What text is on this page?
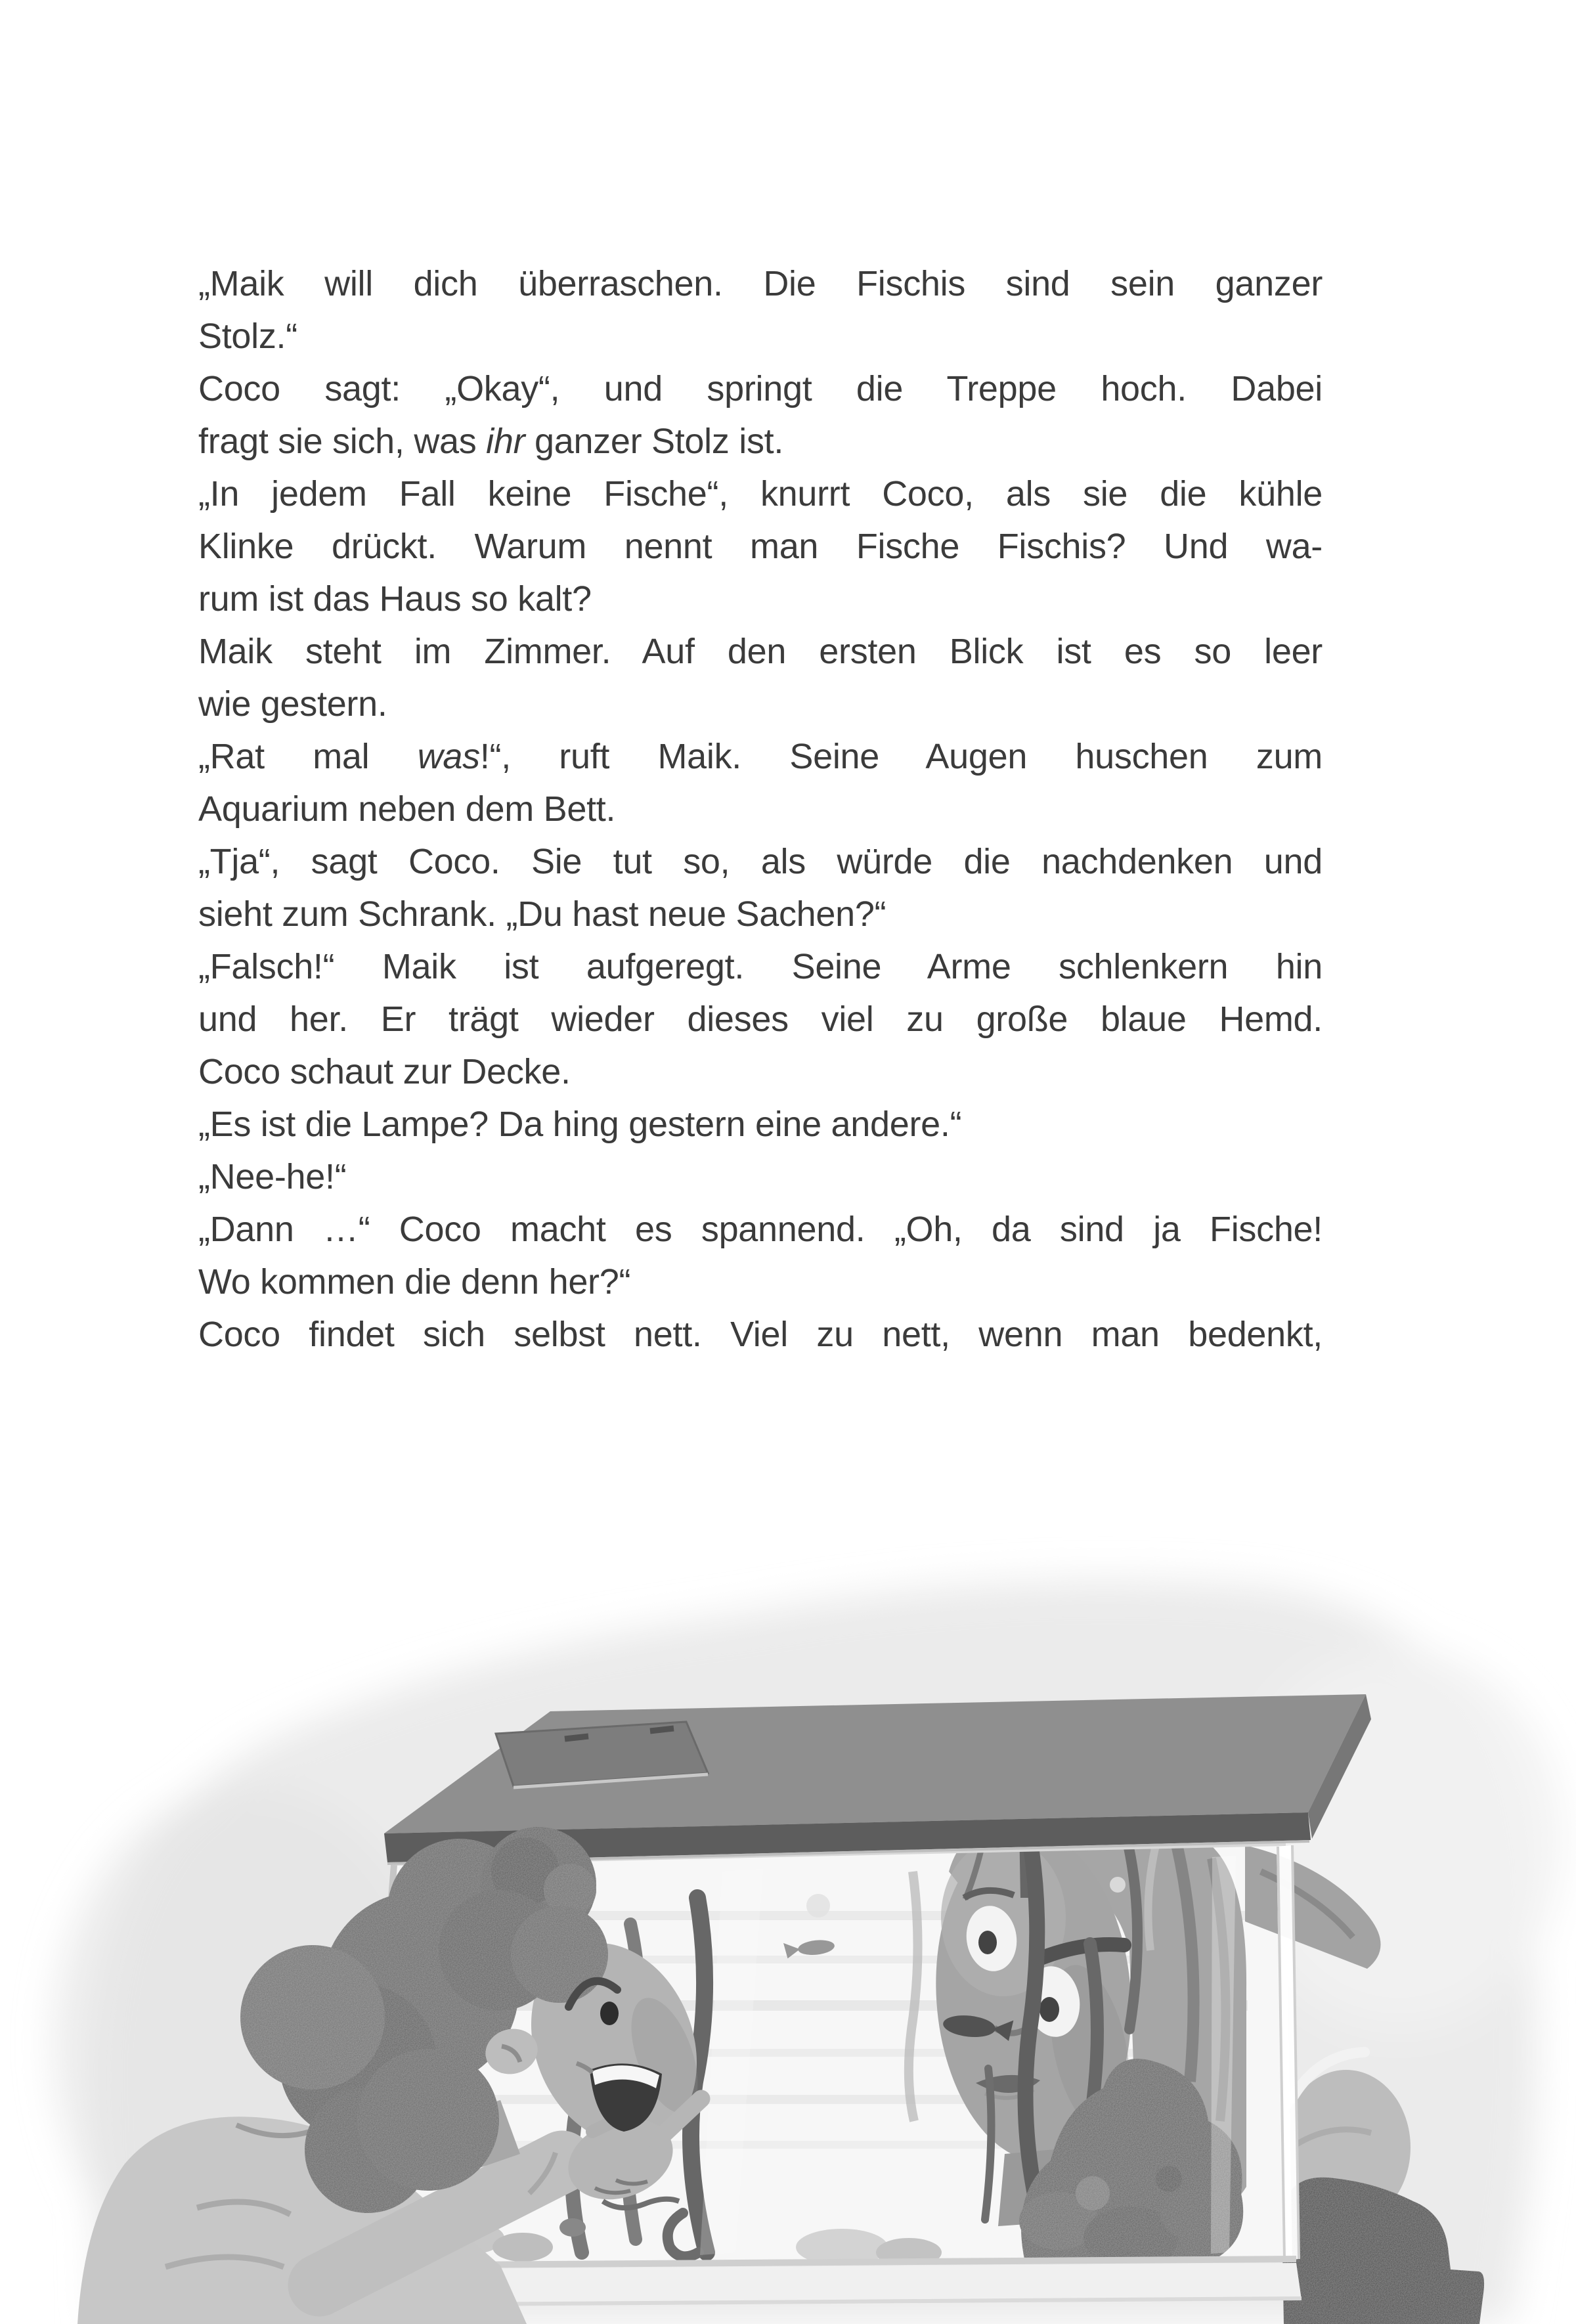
„Maik will dich überraschen. Die Fischis sind sein ganzer
Stolz.“
Coco sagt: „Okay“, und springt die Treppe hoch. Dabei
fragt sie sich, was ihr ganzer Stolz ist.
„In jedem Fall keine Fische“, knurrt Coco, als sie die kühle
Klinke drückt. Warum nennt man Fische Fischis? Und wa-
rum ist das Haus so kalt?
Maik steht im Zimmer. Auf den ersten Blick ist es so leer
wie gestern.
„Rat mal was!“, ruft Maik. Seine Augen huschen zum
Aquarium neben dem Bett.
„Tja“, sagt Coco. Sie tut so, als würde die nachdenken und
sieht zum Schrank. „Du hast neue Sachen?“
„Falsch!“ Maik ist aufgeregt. Seine Arme schlenkern hin
und her. Er trägt wieder dieses viel zu große blaue Hemd.
Coco schaut zur Decke.
„Es ist die Lampe? Da hing gestern eine andere.“
„Nee-he!“
„Dann …“ Coco macht es spannend. „Oh, da sind ja Fische!
Wo kommen die denn her?“
Coco findet sich selbst nett. Viel zu nett, wenn man bedenkt,
